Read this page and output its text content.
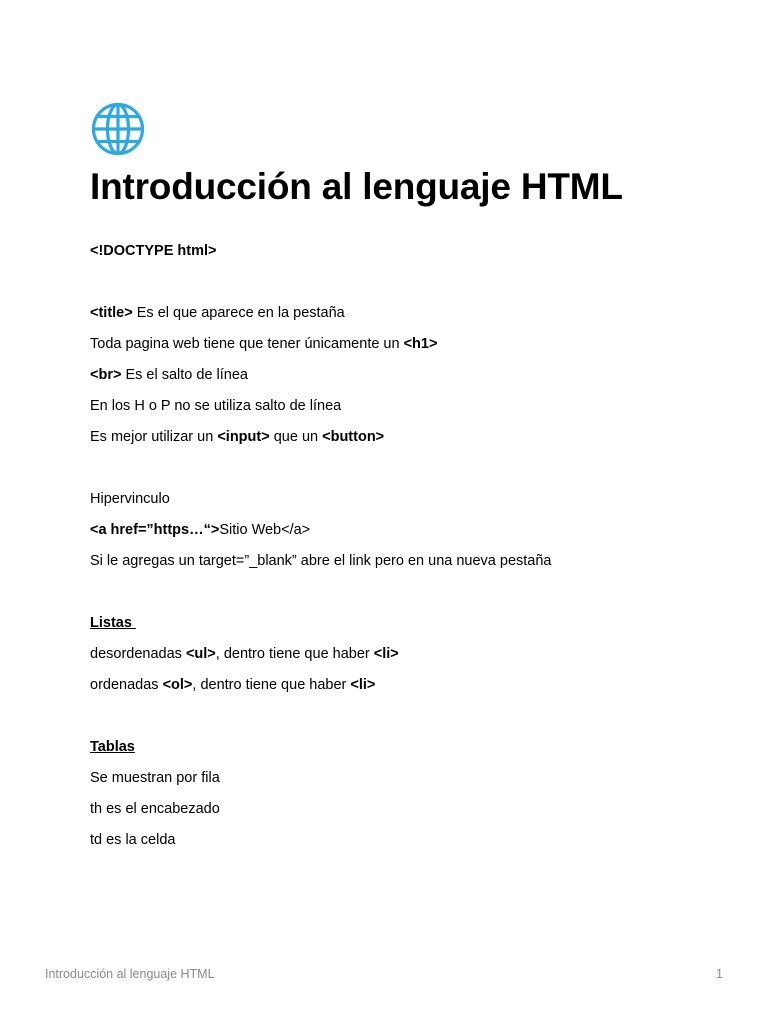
Introducción al lenguaje HTML

<!DOCTYPE html>

<title> Es el que aparece en la pestaña

Toda pagina web tiene que tener únicamente un <h1>

<br> Es el salto de línea

En los H o P no se utiliza salto de línea

Es mejor utilizar un <input> que un <button>

Hipervinculo

<a href=”https…“>Sitio Web</a>

Si le agregas un target=”_blank” abre el link pero en una nueva pestaña

Listas

desordenadas <ul>, dentro tiene que haber <li>

ordenadas <ol>, dentro tiene que haber <li>

Tablas

Se muestran por fila

th es el encabezado

td es la celda

Introducción al lenguaje HTML	1
